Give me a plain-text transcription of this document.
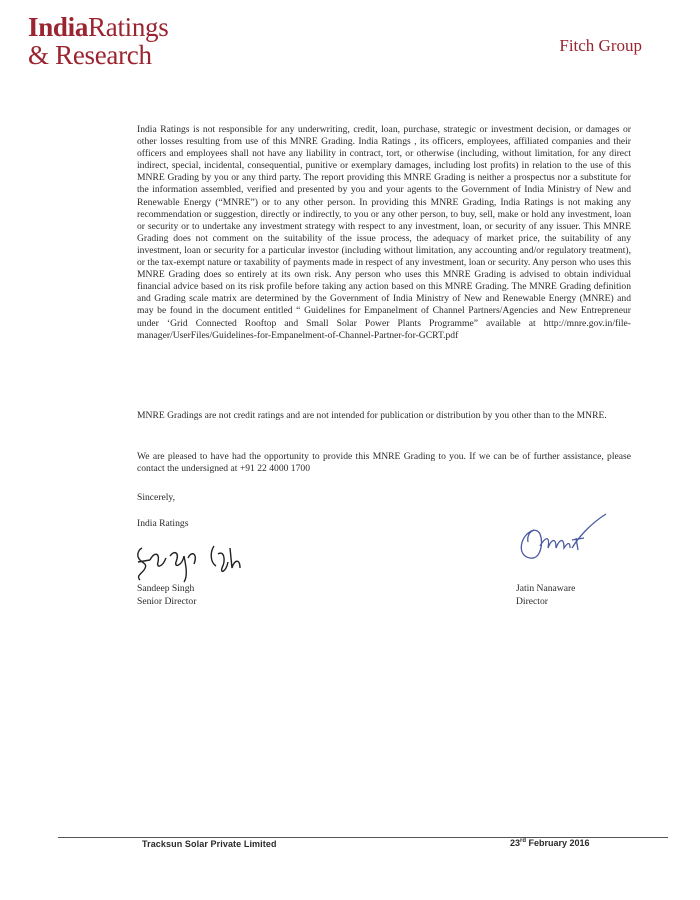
IndiaRatings
& Research	Fitch Group

India Ratings is not responsible for any underwriting, credit, loan, purchase, strategic or investment decision, or damages or other losses resulting from use of this MNRE Grading. India Ratings , its officers, employees, affiliated companies and their officers and employees shall not have any liability in contract, tort, or otherwise (including, without limitation, for any direct indirect, special, incidental, consequential, punitive or exemplary damages, including lost profits) in relation to the use of this MNRE Grading by you or any third party. The report providing this MNRE Grading is neither a prospectus nor a substitute for the information assembled, verified and presented by you and your agents to the Government of India Ministry of New and Renewable Energy (“MNRE”) or to any other person. In providing this MNRE Grading, India Ratings is not making any recommendation or suggestion, directly or indirectly, to you or any other person, to buy, sell, make or hold any investment, loan or security or to undertake any investment strategy with respect to any investment, loan, or security of any issuer. This MNRE Grading does not comment on the suitability of the issue process, the adequacy of market price, the suitability of any investment, loan or security for a particular investor (including without limitation, any accounting and/or regulatory treatment), or the tax-exempt nature or taxability of payments made in respect of any investment, loan or security. Any person who uses this MNRE Grading does so entirely at its own risk. Any person who uses this MNRE Grading is advised to obtain individual financial advice based on its risk profile before taking any action based on this MNRE Grading. The MNRE Grading definition and Grading scale matrix are determined by the Government of India Ministry of New and Renewable Energy (MNRE) and may be found in the document entitled “ Guidelines for Empanelment of Channel Partners/Agencies and New Entrepreneur under ‘Grid Connected Rooftop and Small Solar Power Plants Programme” available at http://mnre.gov.in/file-manager/UserFiles/Guidelines-for-Empanelment-of-Channel-Partner-for-GCRT.pdf

MNRE Gradings are not credit ratings and are not intended for publication or distribution by you other than to the MNRE.

We are pleased to have had the opportunity to provide this MNRE Grading to you. If we can be of further assistance, please contact the undersigned at +91 22 4000 1700

Sincerely,
India Ratings
Sandeep Singh
Senior Director
Jatin Nanaware
Director
Tracksun Solar Private Limited	23rd February 2016
